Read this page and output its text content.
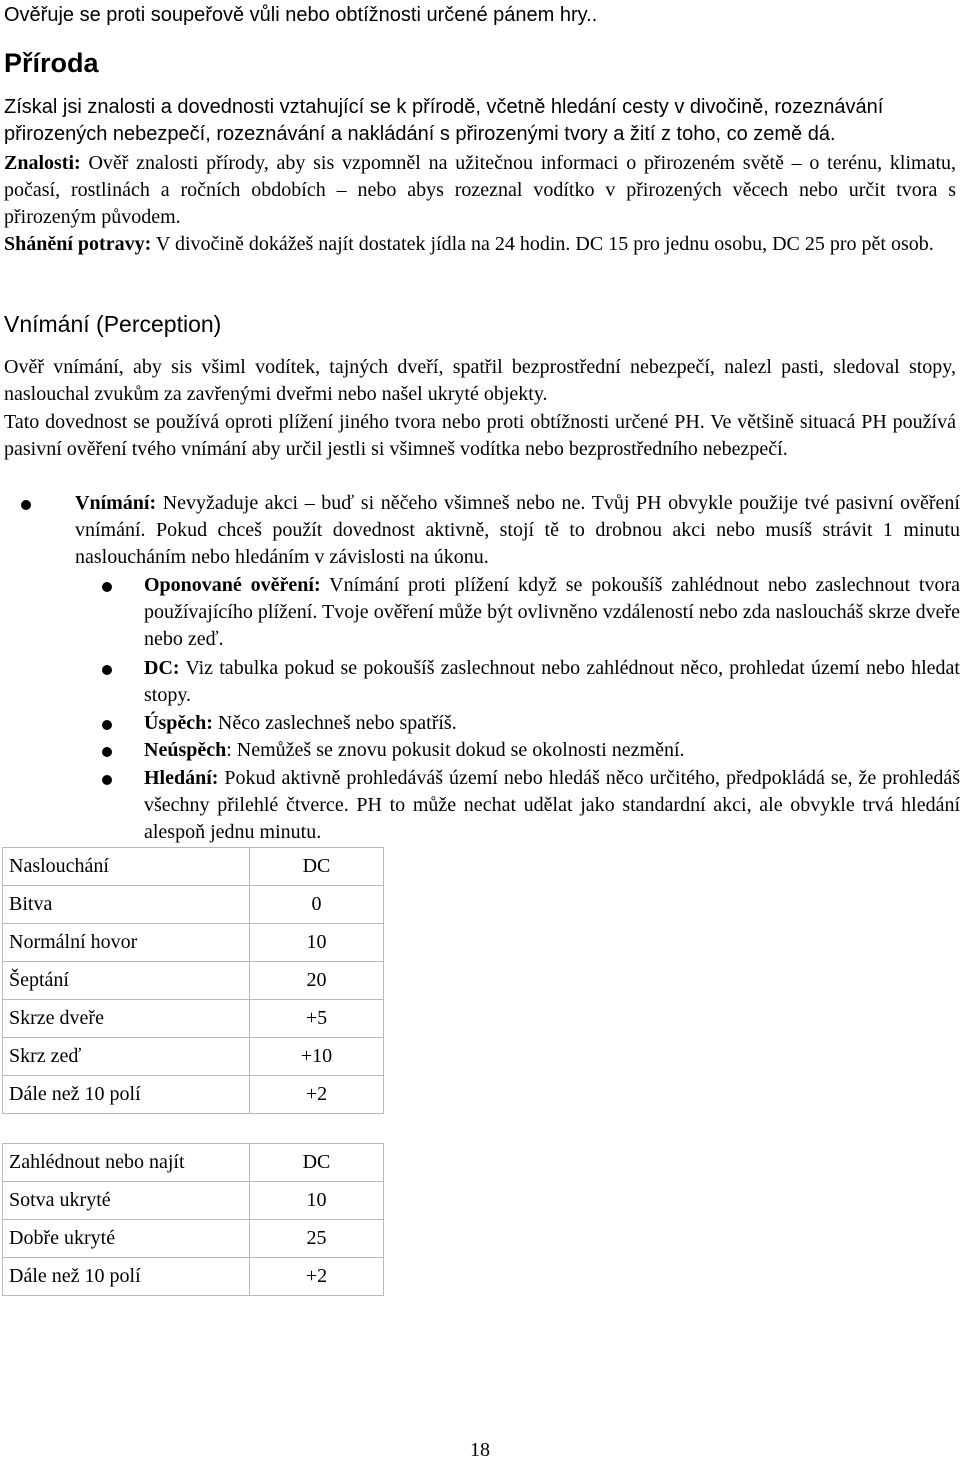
Ověřuje se proti soupeřově vůli nebo obtížnosti určené pánem hry..
Příroda

Získal jsi znalosti a dovednosti vztahující se k přírodě, včetně hledání cesty v divočině, rozeznávání přirozených nebezpečí, rozeznávání a nakládání s přirozenými tvory a žití z toho, co země dá.

Znalosti: Ověř znalosti přírody, aby sis vzpomněl na užitečnou informaci o přirozeném světě – o terénu, klimatu, počasí, rostlinách a ročních obdobích – nebo abys rozeznal vodítko v přirozených věcech nebo určit tvora s přirozeným původem.

Shánění potravy: V divočině dokážeš najít dostatek jídla na 24 hodin. DC 15 pro jednu osobu, DC 25 pro pět osob.

Vnímání (Perception)

Ověř vnímání, aby sis všiml vodítek, tajných dveří, spatřil bezprostřední nebezpečí, nalezl pasti, sledoval stopy, naslouchal zvukům za zavřenými dveřmi nebo našel ukryté objekty.

Tato dovednost se používá oproti plížení jiného tvora nebo proti obtížnosti určené PH. Ve většině situacá PH používá pasivní ověření tvého vnímání aby určil jestli si všimneš vodítka nebo bezprostředního nebezpečí.

Vnímání: Nevyžaduje akci – buď si něčeho všimneš nebo ne. Tvůj PH obvykle použije tvé pasivní ověření vnímání. Pokud chceš použít dovednost aktivně, stojí tě to drobnou akci nebo musíš strávit 1 minutu nasloucháním nebo hledáním v závislosti na úkonu.

Oponované ověření: Vnímání proti plížení když se pokoušíš zahlédnout nebo zaslechnout tvora používajícího plížení. Tvoje ověření může být ovlivněno vzdáleností nebo zda nasloucháš skrze dveře nebo zeď.

DC: Viz tabulka pokud se pokoušíš zaslechnout nebo zahlédnout něco, prohledat území nebo hledat stopy.

Úspěch: Něco zaslechneš nebo spatříš.

Neúspěch: Nemůžeš se znovu pokusit dokud se okolnosti nezmění.

Hledání: Pokud aktivně prohledáváš území nebo hledáš něco určitého, předpokládá se, že prohledáš všechny přilehlé čtverce. PH to může nechat udělat jako standardní akci, ale obvykle trvá hledání alespoň jednu minutu.

Naslouchání	DC
Bitva	0
Normální hovor	10
Šeptání	20
Skrze dveře	+5
Skrz zeď	+10
Dále než 10 polí	+2
Zahlédnout nebo najít	DC
Sotva ukryté	10
Dobře ukryté	25
Dále než 10 polí	+2
18
